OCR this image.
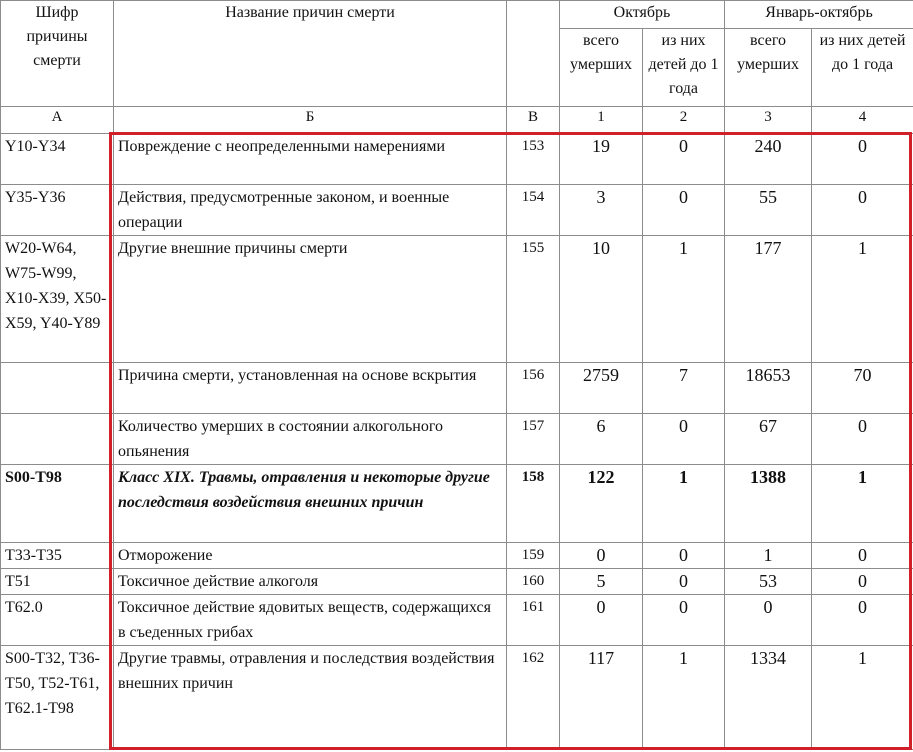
Шифр причины смерти	Название причин смерти		Октябрь		Январь-октябрь	
			всего умерших	из них детей до 1 года	всего умерших	из них детей до 1 года
А	Б	В	1	2	3	4
Y10-Y34	Повреждение с неопределенными намерениями	153	19	0	240	0
Y35-Y36	Действия, предусмотренные законом, и военные операции	154	3	0	55	0
W20-W64, W75-W99, X10-X39, X50-X59, Y40-Y89	Другие внешние причины смерти	155	10	1	177	1
	Причина смерти, установленная на основе вскрытия	156	2759	7	18653	70
	Количество умерших в состоянии алкогольного опьянения	157	6	0	67	0
S00-T98	Класс XIX. Травмы, отравления и некоторые другие последствия воздействия внешних причин	158	122	1	1388	1
T33-T35	Отморожение	159	0	0	1	0
T51	Токсичное действие алкоголя	160	5	0	53	0
T62.0	Токсичное действие ядовитых веществ, содержащихся в съеденных грибах	161	0	0	0	0
S00-T32, T36-T50, T52-T61, T62.1-T98	Другие травмы, отравления и последствия воздействия внешних причин	162	117	1	1334	1
